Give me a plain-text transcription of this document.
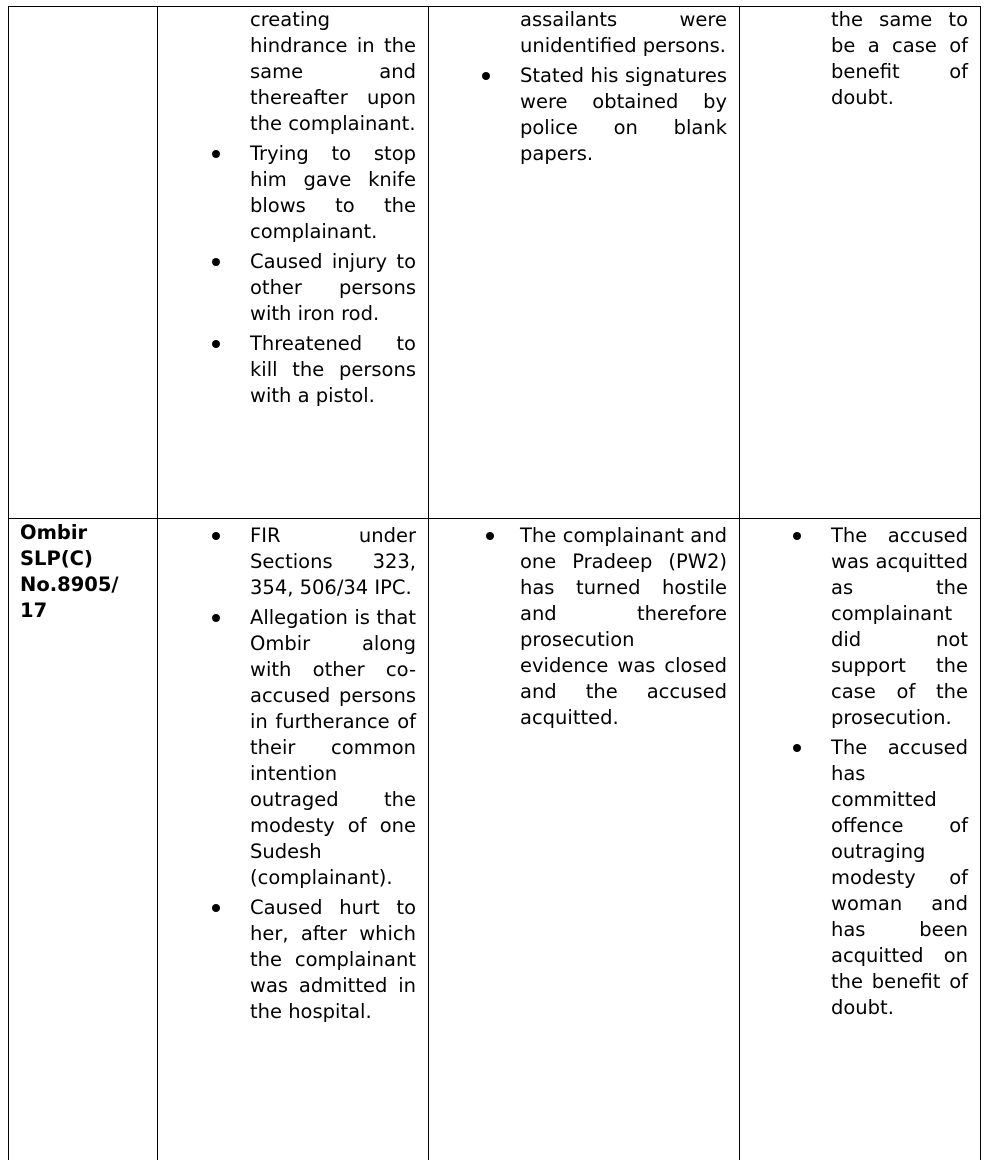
creating hindrance in the same and thereafter upon the complainant.

Trying to stop him gave knife blows to the complainant.
Caused injury to other persons with iron rod.
Threatened to kill the persons with a pistol.

assailants were unidentified persons.

Stated his signatures were obtained by police on blank papers.

the same to be a case of benefit of doubt.

Ombir
SLP(C)
No.8905/
17
FIR under Sections 323, 354, 506/34 IPC.
Allegation is that Ombir along with other co-accused persons in furtherance of their common intention outraged the modesty of one Sudesh (complainant).
Caused hurt to her, after which the complainant was admitted in the hospital.
The complainant and one Pradeep (PW2) has turned hostile and therefore prosecution evidence was closed and the accused acquitted.
The accused was acquitted as the complainant did not support the case of the prosecution.
The accused has committed offence of outraging modesty of woman and has been acquitted on the benefit of doubt.
